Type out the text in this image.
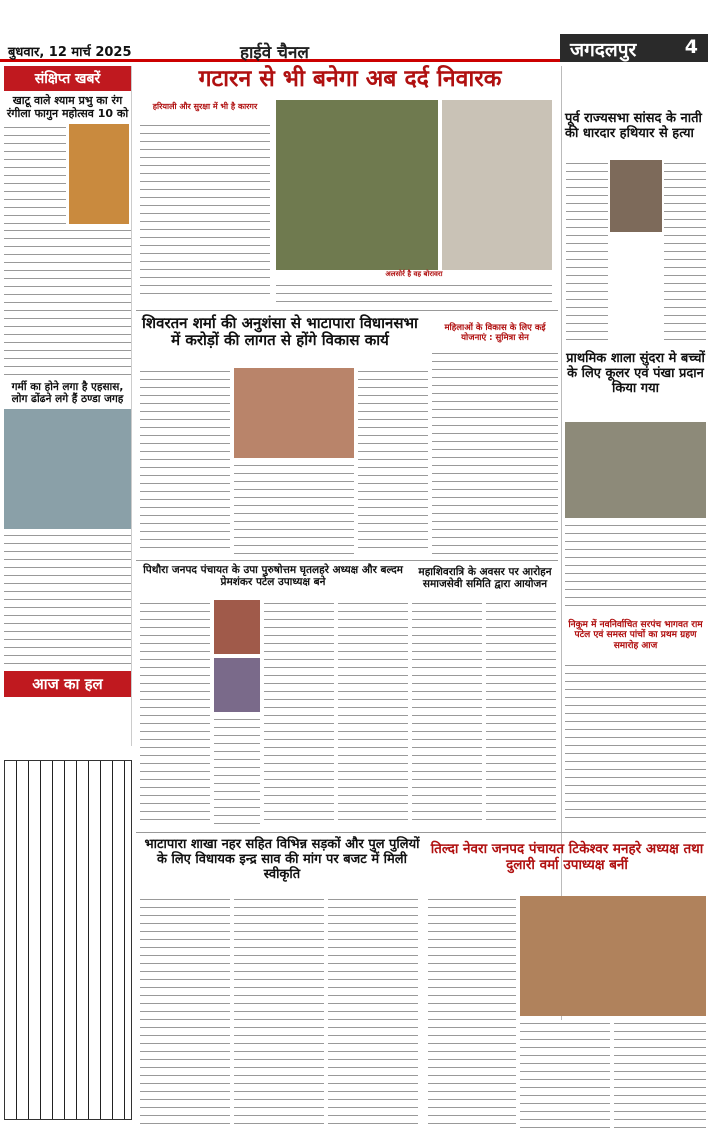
बुधवार, 12 मार्च 2025	हाईवे चैनल	जगदलपुर	4
संक्षिप्त खबरें
खाटू वाले श्याम प्रभु का रंग रंगीला फागुन महोत्सव 10 को
गर्मी का होने लगा है एहसास, लोग ढोंढने लगे हैं ठण्डा जगह
आज का हल
गटारन से भी बनेगा अब दर्द निवारक
हरियाली और सुरक्षा में भी है कारगर
अलसोर्र है वह बोरावरा
पूर्व राज्यसभा सांसद के नाती की धारदार हथियार से हत्या
शिवरतन शर्मा की अनुशंसा से भाटापारा विधानसभा में करोड़ों की लागत से होंगे विकास कार्य
महिलाओं के विकास के लिए कई योजनाएं : सुमित्रा सेन
प्राथमिक शाला सुंदरा मे बच्चों के लिए कूलर एवं पंखा प्रदान किया गया
पिथौरा जनपद पंचायत के उपा पुरुषोत्तम घृतलहरे अध्यक्ष और बल्दम प्रेमशंकर पटेल उपाध्यक्ष बने
महाशिवरात्रि के अवसर पर आरोहन समाजसेवी समिति द्वारा आयोजन
निकुम में नवनिर्वाचित सरपंच भागवत राम पटेल एवं समस्त पांचों का प्रथम ग्रहण समारोह आज
भाटापारा शाखा नहर सहित विभिन्न सड़कों और पुल पुलियों के लिए विधायक इन्द्र साव की मांग पर बजट में मिली स्वीकृति
तिल्दा नेवरा जनपद पंचायत टिकेश्वर मनहरे अध्यक्ष तथा दुलारी वर्मा उपाध्यक्ष बनीं
